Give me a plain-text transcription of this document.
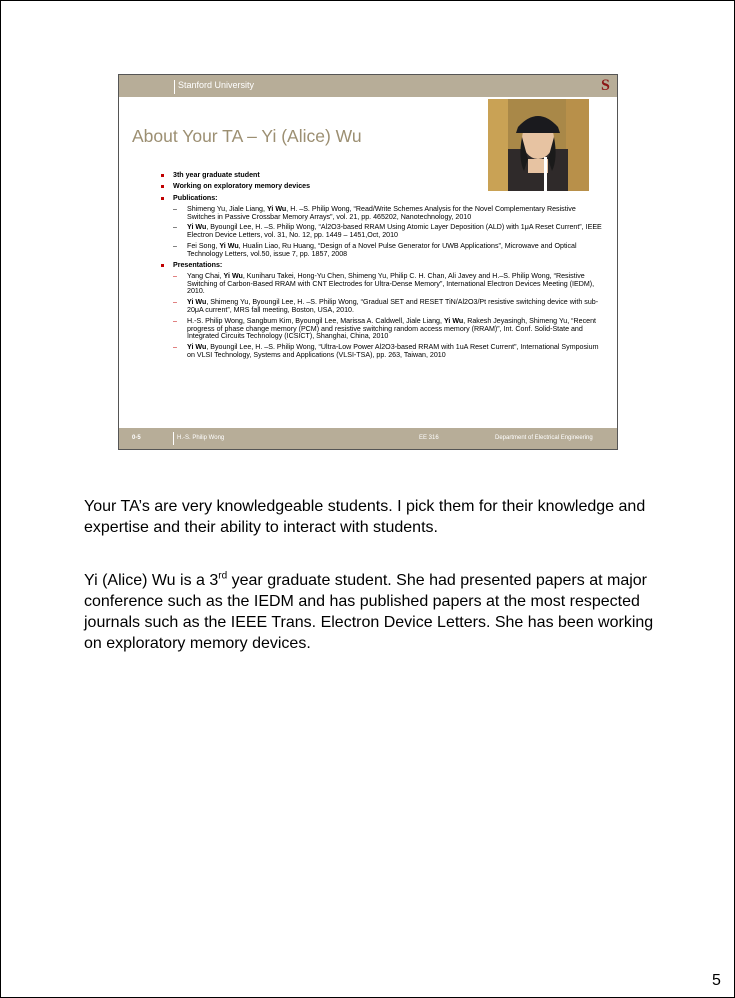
Stanford University	S
About Your TA – Yi (Alice) Wu
3th year graduate student
Working on exploratory memory devices
Publications:
– Shimeng Yu, Jiale Liang, Yi Wu, H. –S. Philip Wong, “Read/Write Schemes Analysis for the Novel Complementary Resistive Switches in Passive Crossbar Memory Arrays”, vol. 21, pp. 465202, Nanotechnology, 2010
– Yi Wu, Byoungil Lee, H. –S. Philip Wong, “Al2O3-based RRAM Using Atomic Layer Deposition (ALD) with 1μA Reset Current”, IEEE Electron Device Letters, vol. 31, No. 12, pp. 1449 – 1451,Oct, 2010
– Fei Song, Yi Wu, Hualin Liao, Ru Huang, “Design of a Novel Pulse Generator for UWB Applications”, Microwave and Optical Technology Letters, vol.50, issue 7, pp. 1857, 2008
Presentations:
– Yang Chai, Yi Wu, Kuniharu Takei, Hong-Yu Chen, Shimeng Yu, Philip C. H. Chan, Ali Javey and H.–S. Philip Wong, “Resistive Switching of Carbon-Based RRAM with CNT Electrodes for Ultra-Dense Memory”, International Electron Devices Meeting (IEDM), 2010.
– Yi Wu, Shimeng Yu, Byoungil Lee, H. –S. Philip Wong, “Gradual SET and RESET TiN/Al2O3/Pt resistive switching device with sub-20μA current”, MRS fall meeting, Boston, USA, 2010.
– H.-S. Philip Wong, Sangbum Kim, Byoungil Lee, Marissa A. Caldwell, Jiale Liang, Yi Wu, Rakesh Jeyasingh, Shimeng Yu, “Recent progress of phase change memory (PCM) and resistive switching random access memory (RRAM)”, Int. Conf. Solid-State and Integrated Circuits Technology (ICSICT), Shanghai, China, 2010
– Yi Wu, Byoungil Lee, H. –S. Philip Wong, “Ultra-Low Power Al2O3-based RRAM with 1uA Reset Current”, International Symposium on VLSI Technology, Systems and Applications (VLSI-TSA), pp. 263, Taiwan, 2010
0-5	H.-S. Philip Wong	EE 316	Department of Electrical Engineering

Your TA’s are very knowledgeable students. I pick them for their knowledge and expertise and their ability to interact with students.

Yi (Alice) Wu is a 3rd year graduate student. She had presented papers at major conference such as the IEDM and has published papers at the most respected journals such as the IEEE Trans. Electron Device Letters. She has been working on exploratory memory devices.

5
